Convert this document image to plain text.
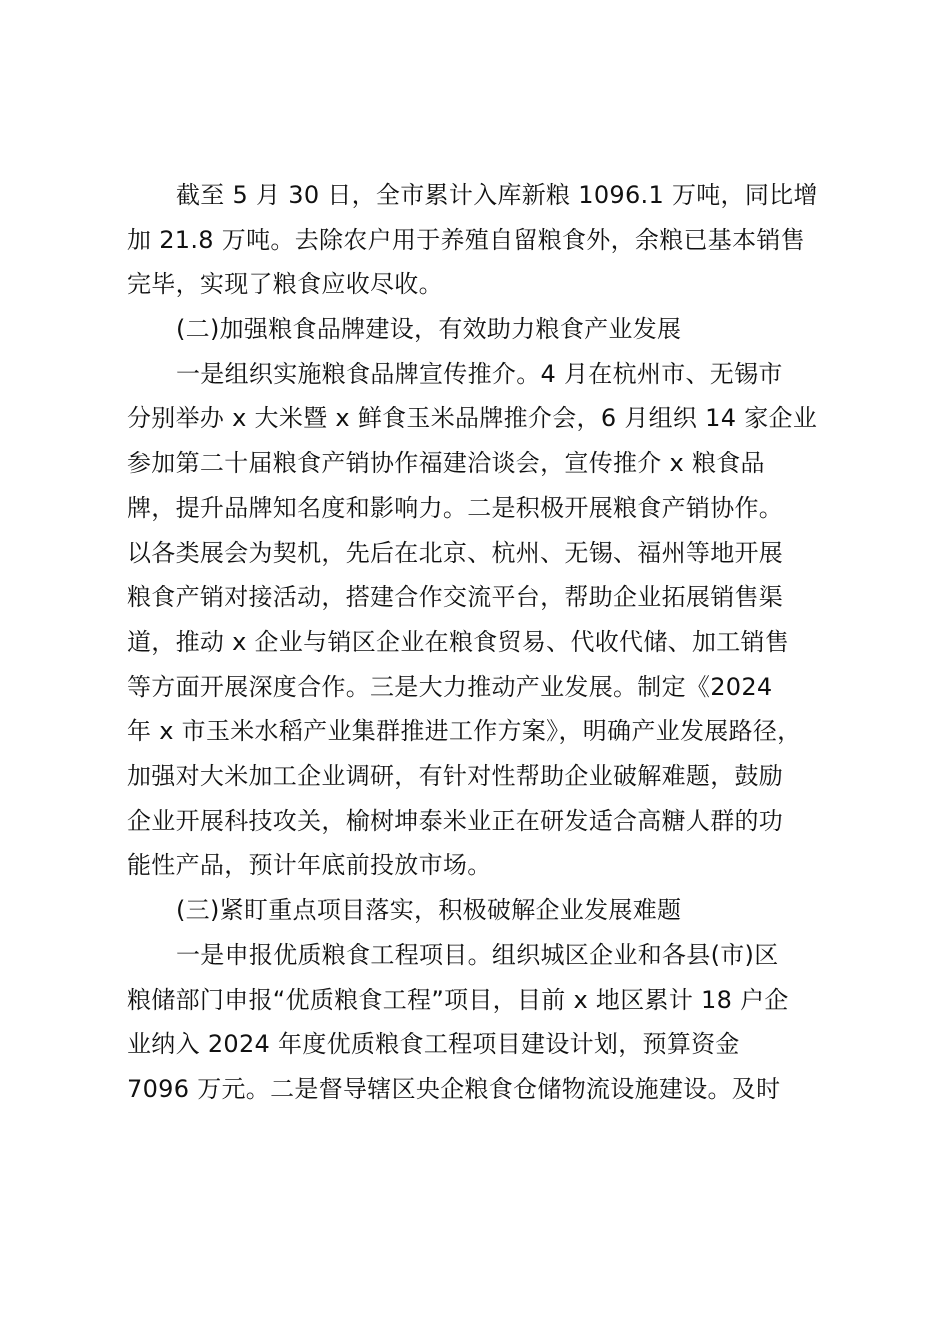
截至 5 月 30 日，全市累计入库新粮 1096.1 万吨，同比增
加 21.8 万吨。去除农户用于养殖自留粮食外，余粮已基本销售
完毕，实现了粮食应收尽收。
(二)加强粮食品牌建设，有效助力粮食产业发展
一是组织实施粮食品牌宣传推介。4 月在杭州市、无锡市
分别举办 x 大米暨 x 鲜食玉米品牌推介会，6 月组织 14 家企业
参加第二十届粮食产销协作福建洽谈会，宣传推介 x 粮食品
牌，提升品牌知名度和影响力。二是积极开展粮食产销协作。
以各类展会为契机，先后在北京、杭州、无锡、福州等地开展
粮食产销对接活动，搭建合作交流平台，帮助企业拓展销售渠
道，推动 x 企业与销区企业在粮食贸易、代收代储、加工销售
等方面开展深度合作。三是大力推动产业发展。制定《2024
年 x 市玉米水稻产业集群推进工作方案》，明确产业发展路径，
加强对大米加工企业调研，有针对性帮助企业破解难题，鼓励
企业开展科技攻关，榆树坤泰米业正在研发适合高糖人群的功
能性产品，预计年底前投放市场。
(三)紧盯重点项目落实，积极破解企业发展难题
一是申报优质粮食工程项目。组织城区企业和各县(市)区
粮储部门申报“优质粮食工程”项目，目前 x 地区累计 18 户企
业纳入 2024 年度优质粮食工程项目建设计划，预算资金
7096 万元。二是督导辖区央企粮食仓储物流设施建设。及时
